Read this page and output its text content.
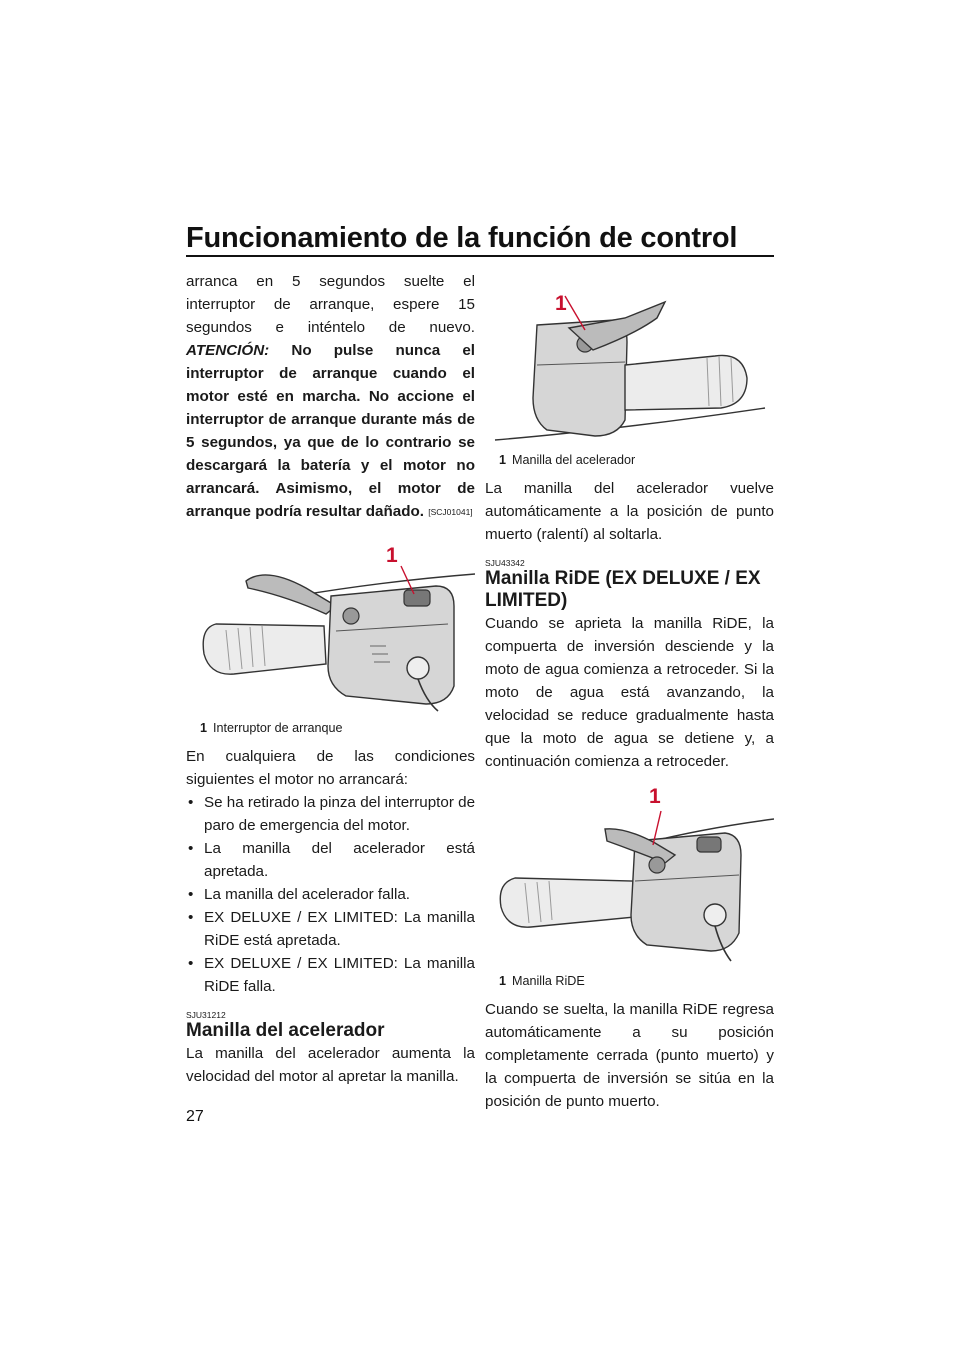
Funcionamiento de la función de control

arranca en 5 segundos suelte el interruptor de arranque, espere 15 segundos e inténtelo de nuevo. ATENCIÓN: No pulse nunca el interruptor de arranque cuando el motor esté en marcha. No accione el interruptor de arranque durante más de 5 segundos, ya que de lo contrario se descargará la batería y el motor no arrancará. Asimismo, el motor de arranque podría resultar dañado. [SCJ01041]

1
1 Interruptor de arranque

En cualquiera de las condiciones siguientes el motor no arrancará:

• Se ha retirado la pinza del interruptor de paro de emergencia del motor.
• La manilla del acelerador está apretada.
• La manilla del acelerador falla.
• EX DELUXE / EX LIMITED: La manilla RiDE está apretada.
• EX DELUXE / EX LIMITED: La manilla RiDE falla.
SJU31212
Manilla del acelerador

La manilla del acelerador aumenta la velocidad del motor al apretar la manilla.

1
1 Manilla del acelerador

La manilla del acelerador vuelve automáticamente a la posición de punto muerto (ralentí) al soltarla.

SJU43342
Manilla RiDE (EX DELUXE / EX LIMITED)

Cuando se aprieta la manilla RiDE, la compuerta de inversión desciende y la moto de agua comienza a retroceder. Si la moto de agua está avanzando, la velocidad se reduce gradualmente hasta que la moto de agua se detiene y, a continuación comienza a retroceder.

1
1 Manilla RiDE

Cuando se suelta, la manilla RiDE regresa automáticamente a su posición completamente cerrada (punto muerto) y la compuerta de inversión se sitúa en la posición de punto muerto.

27
